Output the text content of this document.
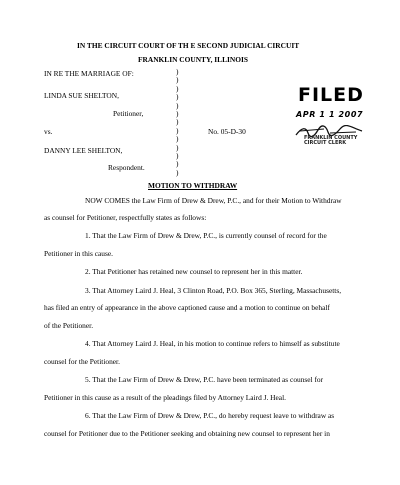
IN THE CIRCUIT COURT OF TH E SECOND JUDICIAL CIRCUIT
FRANKLIN COUNTY, ILLINOIS
IN RE THE MARRIAGE OF:
LINDA SUE SHELTON,
Petitioner,
vs.	No. 05-D-30
DANNY LEE SHELTON,
Respondent.
)
)
)
)
)
)
)
)
)
)
)
)
)
FILED
APR 1 1 2007
FRANKLIN COUNTY
CIRCUIT CLERK
MOTION TO WITHDRAW
NOW COMES the Law Firm of Drew & Drew, P.C., and for their Motion to Withdraw
as counsel for Petitioner, respectfully states as follows:
1. That the Law Firm of Drew & Drew, P.C., is currently counsel of record for the
Petitioner in this cause.
2. That Petitioner has retained new counsel to represent her in this matter.
3. That Attorney Laird J. Heal, 3 Clinton Road, P.O. Box 365, Sterling, Massachusetts,
has filed an entry of appearance in the above captioned cause and a motion to continue on behalf
of the Petitioner.
4. That Attorney Laird J. Heal, in his motion to continue refers to himself as substitute
counsel for the Petitioner.
5. That the Law Firm of Drew & Drew, P.C. have been terminated as counsel for
Petitioner in this cause as a result of the pleadings filed by Attorney Laird J. Heal.
6. That the Law Firm of Drew & Drew, P.C., do hereby request leave to withdraw as
counsel for Petitioner due to the Petitioner seeking and obtaining new counsel to represent her in
